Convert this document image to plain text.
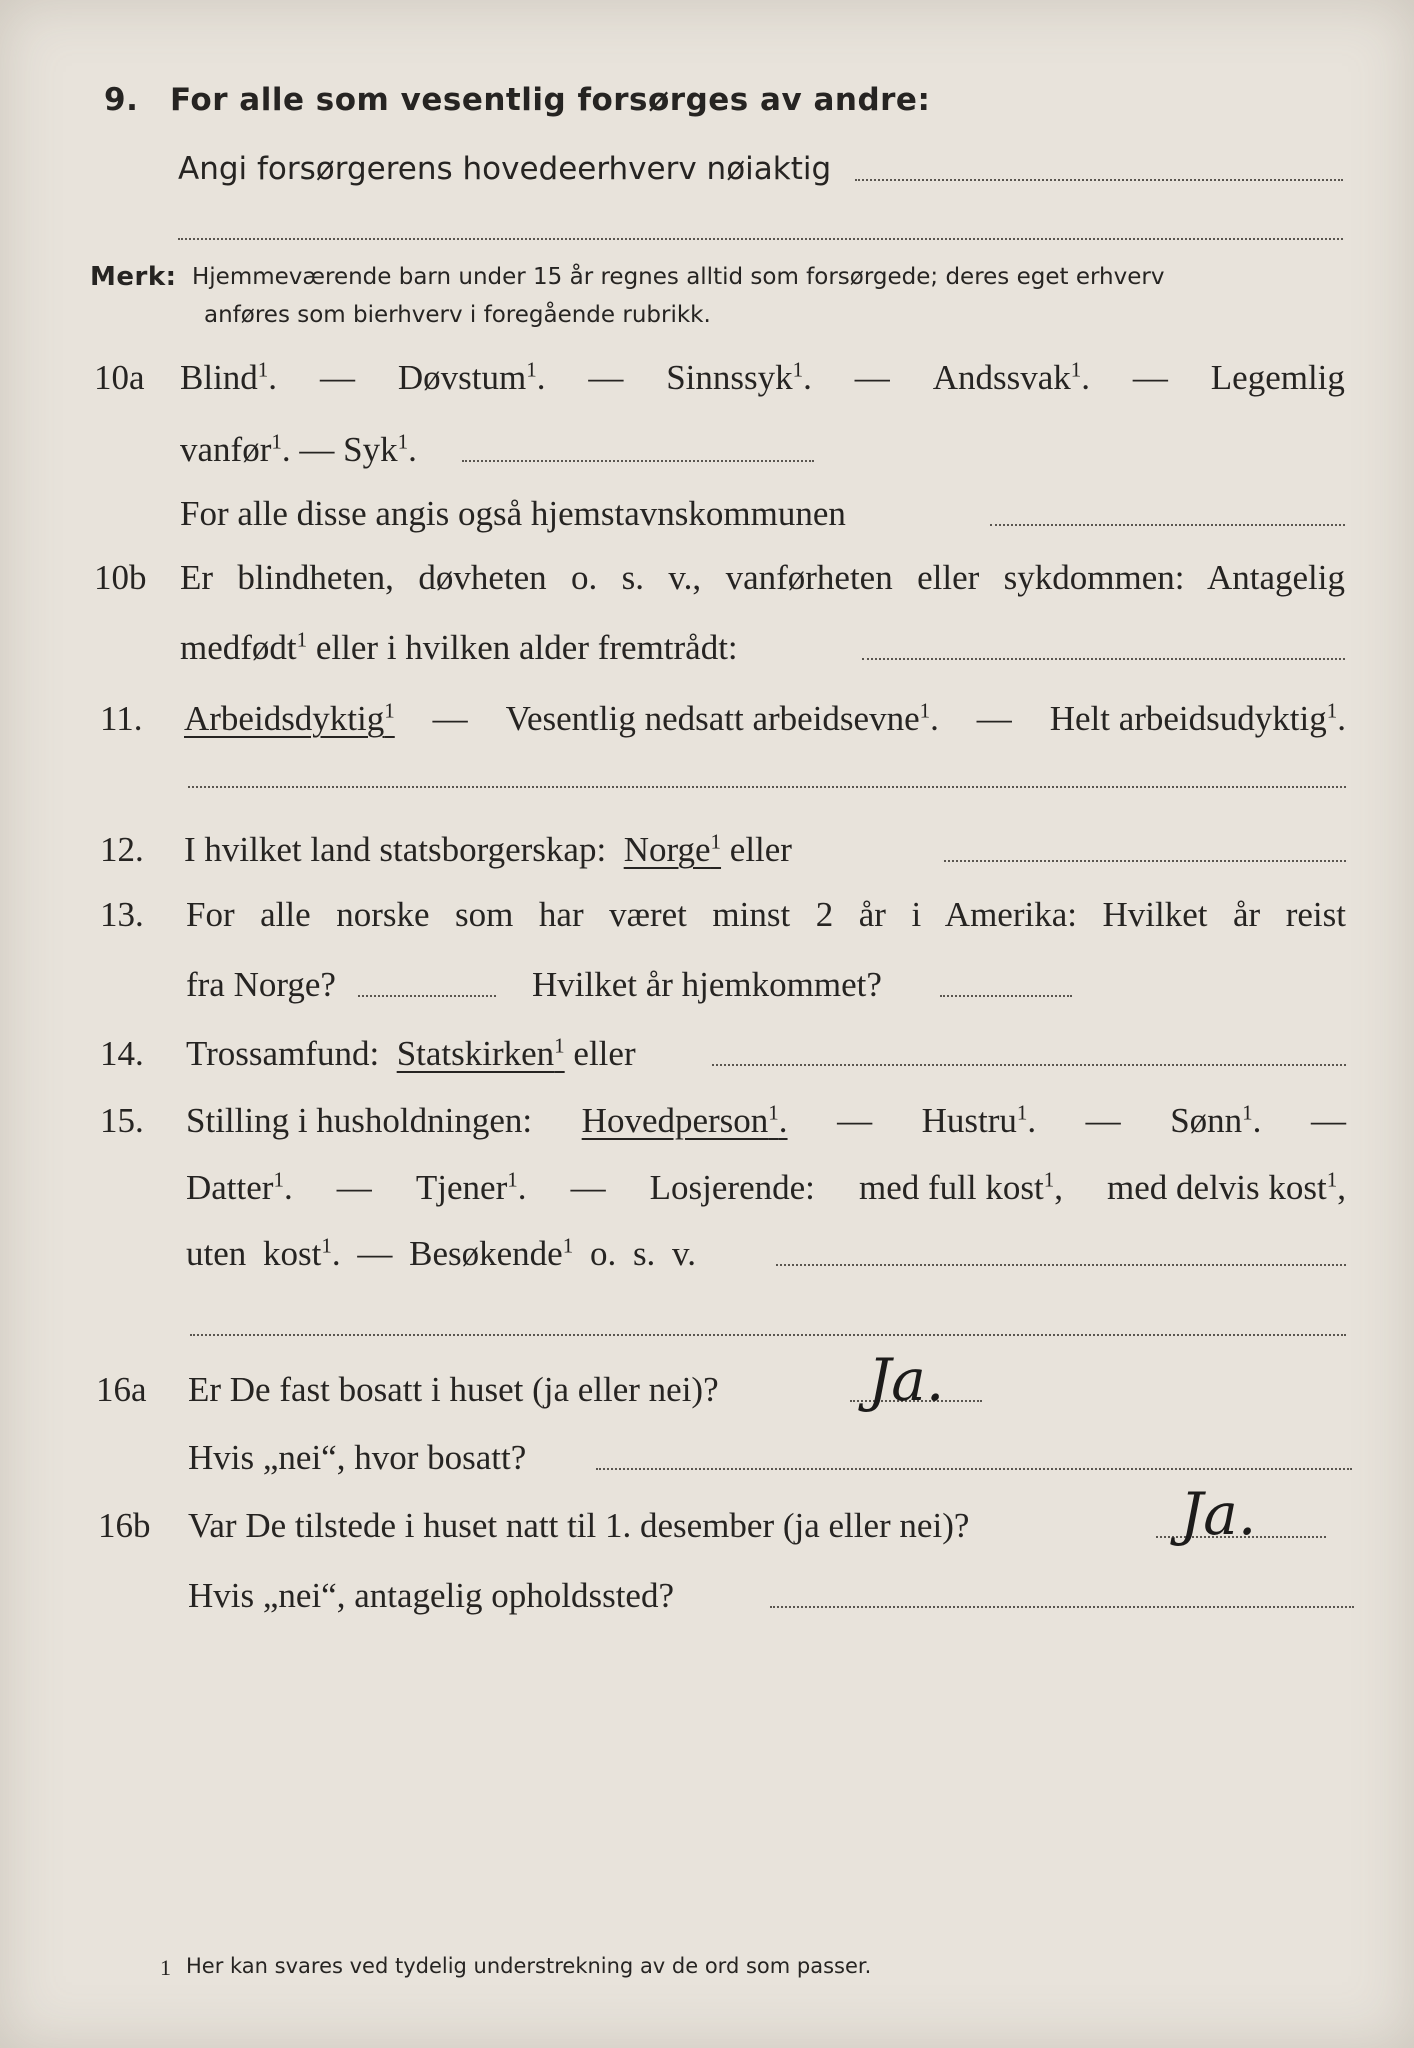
9. For alle som vesentlig forsørges av andre:
Angi forsørgerens hovedeerhverv nøiaktig
Merk: Hjemmeværende barn under 15 år regnes alltid som forsørgede; deres eget erhverv
anføres som bierhverv i foregående rubrikk.
10a Blind$^1$. — Døvstum$^1$. — Sinnssyk$^1$. — Andssvak$^1$. — Legemlig
vanfør$^1$. — Syk$^1$.
For alle disse angis også hjemstavnskommunen
10b Er blindheten, døvheten o. s. v., vanførheten eller sykdommen: Antagelig
medfødt$^1$ eller i hvilken alder fremtrådt:
11. Arbeidsdyktig$^1$ — Vesentlig nedsatt arbeidsevne$^1$. — Helt arbeidsudyktig$^1$.
12. I hvilket land statsborgerskap: Norge$^1$ eller
13. For alle norske som har været minst 2 år i Amerika: Hvilket år reist
fra Norge?	Hvilket år hjemkommet?
14. Trossamfund: Statskirken$^1$ eller
15. Stilling i husholdningen: Hovedperson$^1$. — Hustru$^1$. — Sønn$^1$. —
Datter$^1$. — Tjener$^1$. — Losjerende: med full kost$^1$, med delvis kost$^1$,
uten kost$^1$. — Besøkende$^1$ o. s. v.
16a Er De fast bosatt i huset (ja eller nei)?	Ja.
Hvis „nei“, hvor bosatt?
16b Var De tilstede i huset natt til 1. desember (ja eller nei)?	Ja.
Hvis „nei“, antagelig opholdssted?
1 Her kan svares ved tydelig understrekning av de ord som passer.
